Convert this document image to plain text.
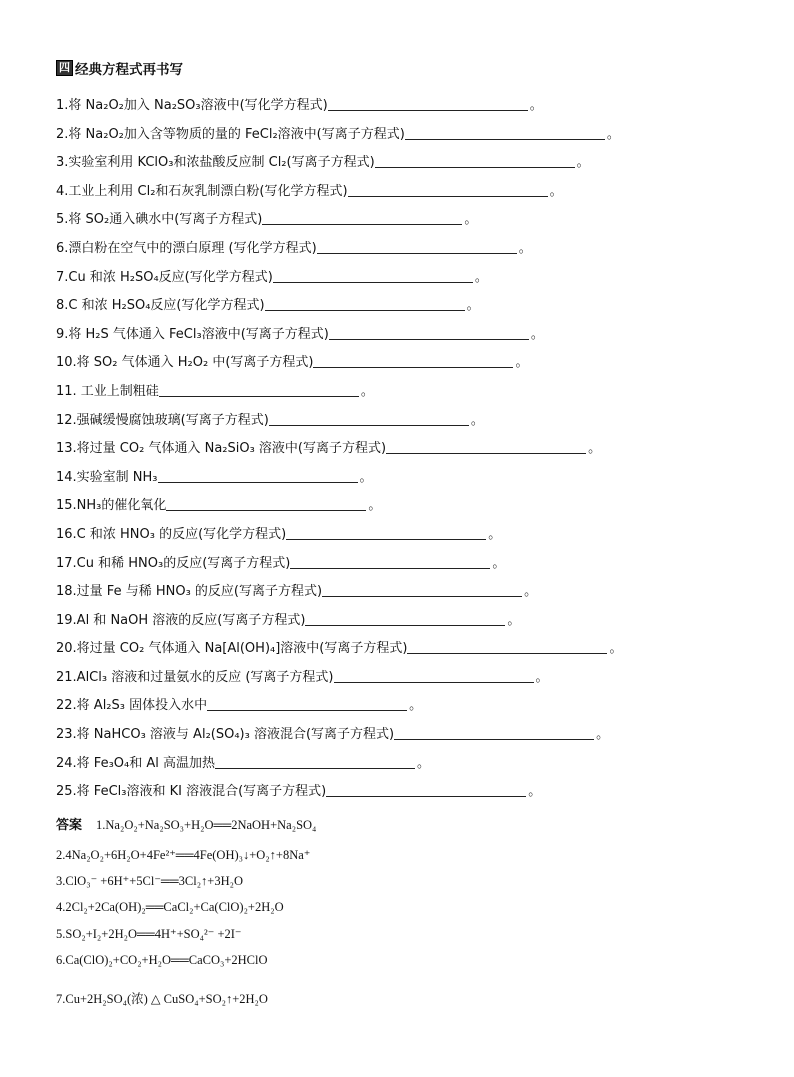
四 经典方程式再书写
1.将 Na₂O₂加入 Na₂SO₃溶液中(写化学方程式)	。
2.将 Na₂O₂加入含等物质的量的 FeCl₂溶液中(写离子方程式)	。
3.实验室利用 KClO₃和浓盐酸反应制 Cl₂(写离子方程式)	。
4.工业上利用 Cl₂和石灰乳制漂白粉(写化学方程式)	。
5.将 SO₂通入碘水中(写离子方程式)	。
6.漂白粉在空气中的漂白原理 (写化学方程式)	。
7.Cu 和浓 H₂SO₄反应(写化学方程式)	。
8.C 和浓 H₂SO₄反应(写化学方程式)	。
9.将 H₂S 气体通入 FeCl₃溶液中(写离子方程式)	。
10.将 SO₂ 气体通入 H₂O₂ 中(写离子方程式)	。
11. 工业上制粗硅	。
12.强碱缓慢腐蚀玻璃(写离子方程式)	。
13.将过量 CO₂ 气体通入 Na₂SiO₃ 溶液中(写离子方程式)	。
14.实验室制 NH₃	。
15.NH₃的催化氧化	。
16.C 和浓 HNO₃ 的反应(写化学方程式)	。
17.Cu 和稀 HNO₃的反应(写离子方程式)	。
18.过量 Fe 与稀 HNO₃ 的反应(写离子方程式)	。
19.Al 和 NaOH 溶液的反应(写离子方程式)	。
20.将过量 CO₂ 气体通入 Na[Al(OH)₄]溶液中(写离子方程式)	。
21.AlCl₃ 溶液和过量氨水的反应 (写离子方程式)	。
22.将 Al₂S₃ 固体投入水中	。
23.将 NaHCO₃ 溶液与 Al₂(SO₄)₃ 溶液混合(写离子方程式)	。
24.将 Fe₃O₄和 Al 高温加热	。
25.将 FeCl₃溶液和 KI 溶液混合(写离子方程式)	。
答案 1.Na₂O₂+Na₂SO₃+H₂O══2NaOH+Na₂SO₄
2.4Na₂O₂+6H₂O+4Fe²⁺══4Fe(OH)₃↓+O₂↑+8Na⁺
3.ClO₃⁻ +6H⁺+5Cl⁻══3Cl₂↑+3H₂O
4.2Cl₂+2Ca(OH)₂══CaCl₂+Ca(ClO)₂+2H₂O
5.SO₂+I₂+2H₂O══4H⁺+SO₄²⁻ +2I⁻
6.Ca(ClO)₂+CO₂+H₂O══CaCO₃+2HClO
7.Cu+2H₂SO₄(浓) △ CuSO₄+SO₂↑+2H₂O
